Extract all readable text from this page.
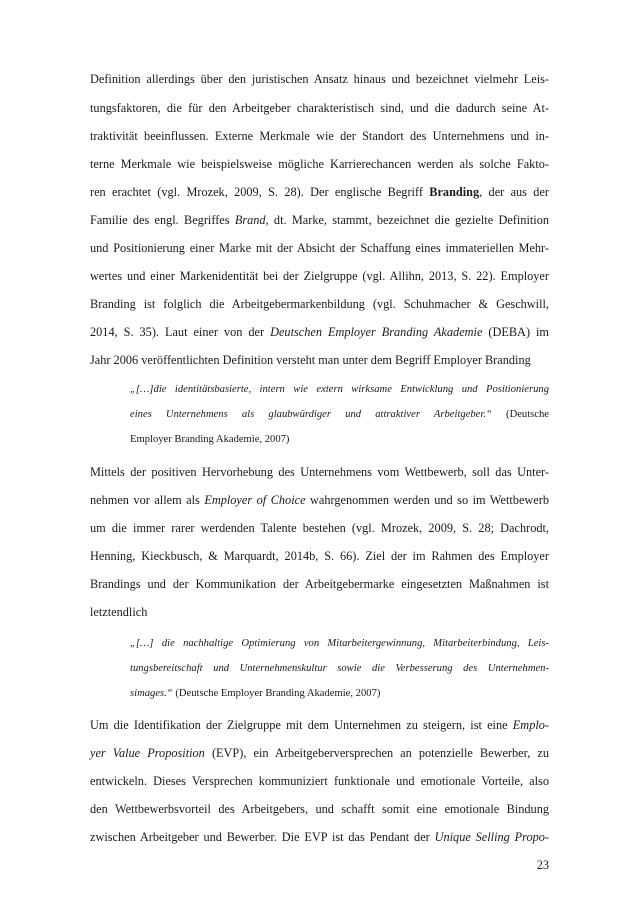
Definition allerdings über den juristischen Ansatz hinaus und bezeichnet vielmehr Leis-
tungsfaktoren, die für den Arbeitgeber charakteristisch sind, und die dadurch seine At-
traktivität beeinflussen. Externe Merkmale wie der Standort des Unternehmens und in-
terne Merkmale wie beispielsweise mögliche Karrierechancen werden als solche Fakto-
ren erachtet (vgl. Mrozek, 2009, S. 28). Der englische Begriff Branding, der aus der
Familie des engl. Begriffes Brand, dt. Marke, stammt, bezeichnet die gezielte Definition
und Positionierung einer Marke mit der Absicht der Schaffung eines immateriellen Mehr-
wertes und einer Markenidentität bei der Zielgruppe (vgl. Allihn, 2013, S. 22). Employer
Branding ist folglich die Arbeitgebermarkenbildung (vgl. Schuhmacher & Geschwill,
2014, S. 35). Laut einer von der Deutschen Employer Branding Akademie (DEBA) im
Jahr 2006 veröffentlichten Definition versteht man unter dem Begriff Employer Branding
„[…]die identitätsbasierte, intern wie extern wirksame Entwicklung und Positionierung
eines Unternehmens als glaubwürdiger und attraktiver Arbeitgeber.“ (Deutsche
Employer Branding Akademie, 2007)
Mittels der positiven Hervorhebung des Unternehmens vom Wettbewerb, soll das Unter-
nehmen vor allem als Employer of Choice wahrgenommen werden und so im Wettbewerb
um die immer rarer werdenden Talente bestehen (vgl. Mrozek, 2009, S. 28; Dachrodt,
Henning, Kieckbusch, & Marquardt, 2014b, S. 66). Ziel der im Rahmen des Employer
Brandings und der Kommunikation der Arbeitgebermarke eingesetzten Maßnahmen ist
letztendlich
„[…] die nachhaltige Optimierung von Mitarbeitergewinnung, Mitarbeiterbindung, Leis-
tungsbereitschaft und Unternehmenskultur sowie die Verbesserung des Unternehmen-
simages.“ (Deutsche Employer Branding Akademie, 2007)
Um die Identifikation der Zielgruppe mit dem Unternehmen zu steigern, ist eine Emplo-
yer Value Proposition (EVP), ein Arbeitgeberversprechen an potenzielle Bewerber, zu
entwickeln. Dieses Versprechen kommuniziert funktionale und emotionale Vorteile, also
den Wettbewerbsvorteil des Arbeitgebers, und schafft somit eine emotionale Bindung
zwischen Arbeitgeber und Bewerber. Die EVP ist das Pendant der Unique Selling Propo-
23
